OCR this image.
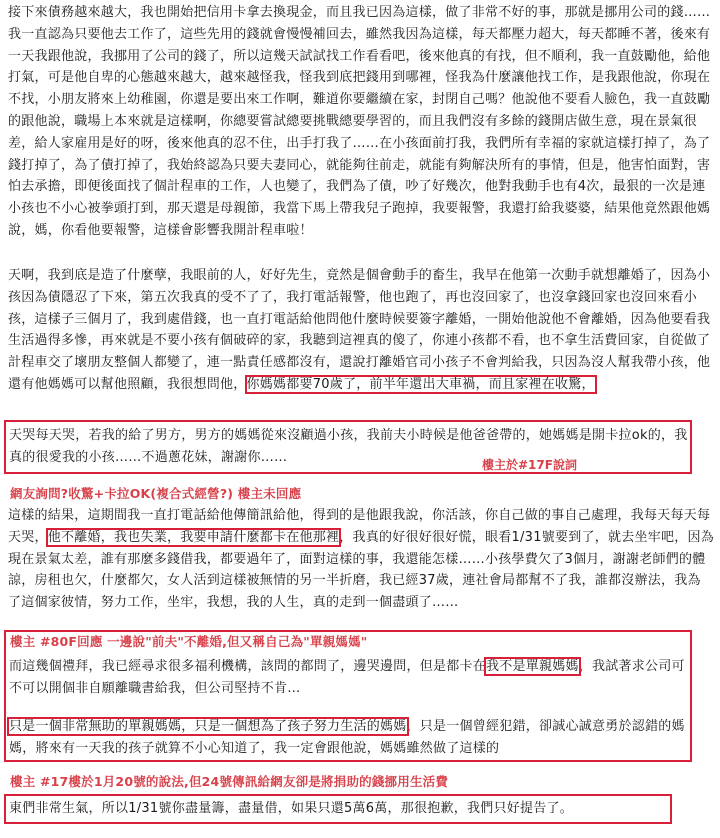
接下來債務越來越大，我也開始把信用卡拿去換現金，而且我已因為這樣，做了非常不好的事，那就是挪用公司的錢……我一直認為只要他去工作了，這些先用的錢就會慢慢補回去，雖然我因為這樣，每天都壓力超大，每天都睡不著，後來有一天我跟他說，我挪用了公司的錢了，所以這幾天試試找工作看看吧，後來他真的有找，但不順利，我一直鼓勵他，給他打氣，可是他自卑的心態越來越大，越來越怪我，怪我到底把錢用到哪裡，怪我為什麼讓他找工作，是我跟他說，你現在不找，小朋友將來上幼稚園，你還是要出來工作啊，難道你要繼續在家，封閉自己嗎？他說他不要看人臉色，我一直鼓勵的跟他說，職場上本來就是這樣啊，你總要嘗試總要挑戰總要學習的，而且我們沒有多餘的錢開店做生意，現在景氣很差，給人家雇用是好的呀，後來他真的忍不住，出手打我了……在小孩面前打我，我們所有幸福的家就這樣打掉了，為了錢打掉了，為了債打掉了，我始終認為只要夫妻同心，就能夠往前走，就能有夠解決所有的事情，但是，他害怕面對，害怕去承擔，即便後面找了個計程車的工作，人也變了，我們為了債，吵了好幾次，他對我動手也有4次，最狠的一次是連小孩也不小心被拳頭打到，那天還是母親節，我當下馬上帶我兒子跑掉，我要報警，我還打給我婆婆，結果他竟然跟他媽說，媽，你看他要報警，這樣會影響我開計程車啦！

天啊，我到底是造了什麼孽，我眼前的人，好好先生，竟然是個會動手的畜生，我早在他第一次動手就想離婚了，因為小孩因為債隱忍了下來，第五次我真的受不了了，我打電話報警，他也跑了，再也沒回家了，也沒拿錢回家也沒回來看小孩，這樣子三個月了，我到處借錢，也一直打電話給他問他什麼時候要簽字離婚，一開始他說他不會離婚，因為他要看我生活過得多慘，再來就是不要小孩有個破碎的家，我聽到這裡真的傻了，你連小孩都不看，也不拿生活費回家，自從做了計程車交了壞朋友整個人都變了，連一點責任感都沒有，還說打離婚官司小孩子不會判給我，只因為沒人幫我帶小孩，他還有他媽媽可以幫他照顧，我很想問他，你媽媽都要70歲了，前半年還出大車禍，而且家裡在收驚，

天哭每天哭，若我的給了男方，男方的媽媽從來沒顧過小孩，我前夫小時候是他爸爸帶的，她媽媽是開卡拉ok的，我真的很愛我的小孩……不過蔥花妹，謝謝你……

樓主於#17F說詞
網友詢問?收驚+卡拉OK(複合式經營?) 樓主未回應

這樣的結果，這期間我一直打電話給他傳簡訊給他，得到的是他跟我說，你活該，你自己做的事自己處理，我每天每天每天哭，他不離婚，我也失業，我要申請什麼都卡在他那裡，我真的好很好很好慌，眼看1/31號要到了，就去坐牢吧，因為現在景氣太差，誰有那麼多錢借我，都要過年了，面對這樣的事，我還能怎樣……小孩學費欠了3個月，謝謝老師們的體諒，房租也欠，什麼都欠，女人活到這樣被無情的另一半折磨，我已經37歲，連社會局都幫不了我，誰都沒辦法，我為了這個家彼情，努力工作，坐牢，我想，我的人生，真的走到一個盡頭了……

樓主 #80F回應 一邊說"前夫"不離婚,但又稱自己為"單親媽媽"

而這幾個禮拜，我已經尋求很多福利機構，該問的都問了，邊哭邊問，但是都卡在我不是單親媽媽，我試著求公司可不可以開個非自願離職書給我，但公司堅持不肯…

只是一個非常無助的單親媽媽，只是一個想為了孩子努力生活的媽媽，只是一個曾經犯錯，卻誠心誠意勇於認錯的媽媽，將來有一天我的孩子就算不小心知道了，我一定會跟他說，媽媽雖然做了這樣的

樓主 #17樓於1月20號的說法,但24號傳訊給網友卻是將捐助的錢挪用生活費

東們非常生氣，所以1/31號你盡量籌，盡量借，如果只還5萬6萬，那很抱歉，我們只好提告了。
